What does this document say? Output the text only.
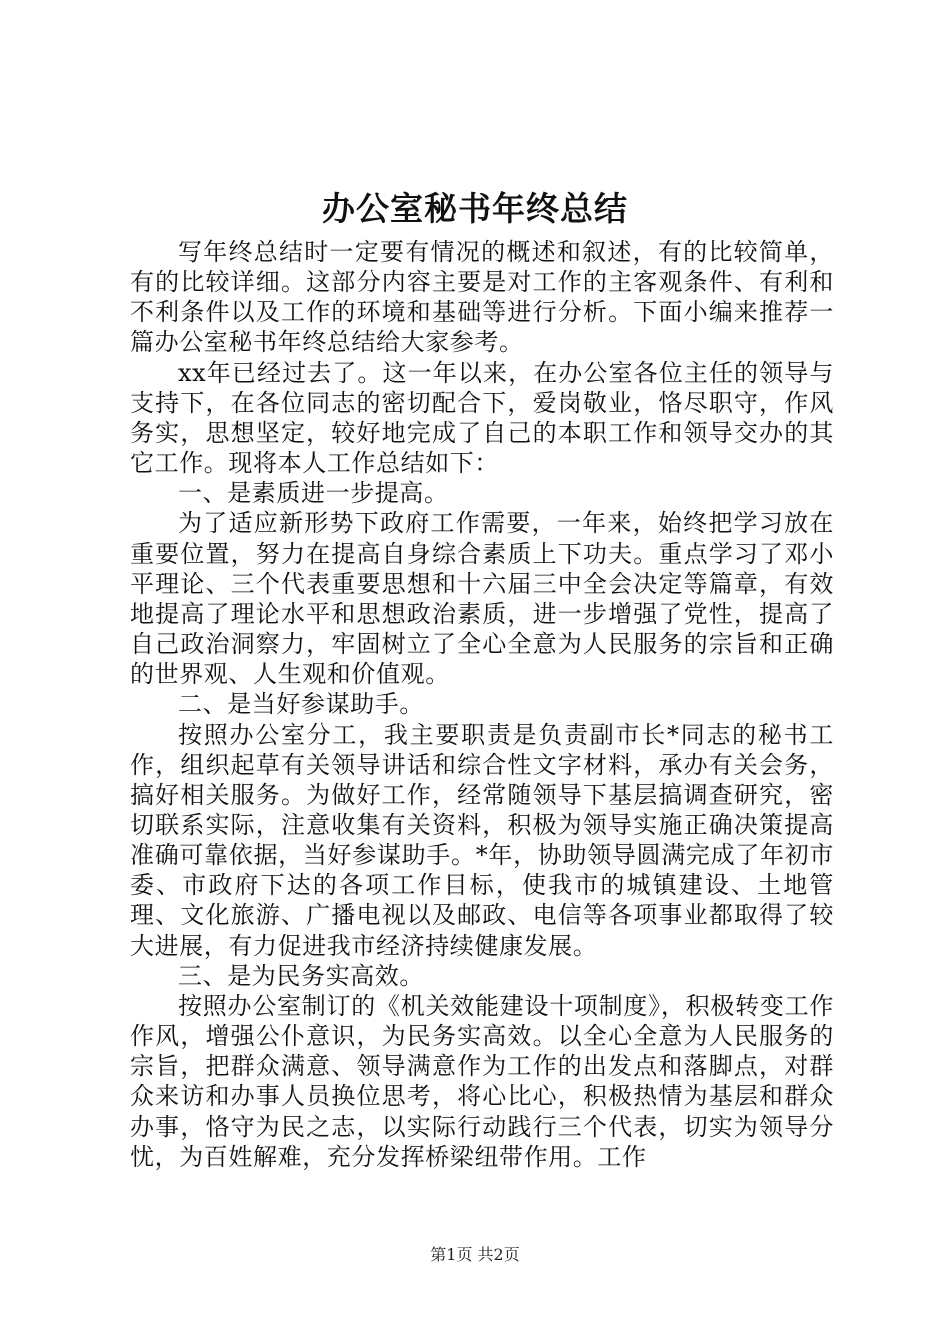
办公室秘书年终总结

写年终总结时一定要有情况的概述和叙述，有的比较简单，有的比较详细。这部分内容主要是对工作的主客观条件、有利和不利条件以及工作的环境和基础等进行分析。下面小编来推荐一篇办公室秘书年终总结给大家参考。

xx年已经过去了。这一年以来，在办公室各位主任的领导与支持下，在各位同志的密切配合下，爱岗敬业，恪尽职守，作风务实，思想坚定，较好地完成了自己的本职工作和领导交办的其它工作。现将本人工作总结如下：

一、是素质进一步提高。

为了适应新形势下政府工作需要，一年来，始终把学习放在重要位置，努力在提高自身综合素质上下功夫。重点学习了邓小平理论、三个代表重要思想和十六届三中全会决定等篇章，有效地提高了理论水平和思想政治素质，进一步增强了党性，提高了自己政治洞察力，牢固树立了全心全意为人民服务的宗旨和正确的世界观、人生观和价值观。

二、是当好参谋助手。

按照办公室分工，我主要职责是负责副市长*同志的秘书工作，组织起草有关领导讲话和综合性文字材料，承办有关会务，搞好相关服务。为做好工作，经常随领导下基层搞调查研究，密切联系实际，注意收集有关资料，积极为领导实施正确决策提高准确可靠依据，当好参谋助手。*年，协助领导圆满完成了年初市委、市政府下达的各项工作目标，使我市的城镇建设、土地管理、文化旅游、广播电视以及邮政、电信等各项事业都取得了较大进展，有力促进我市经济持续健康发展。

三、是为民务实高效。

按照办公室制订的《机关效能建设十项制度》，积极转变工作作风，增强公仆意识，为民务实高效。以全心全意为人民服务的宗旨，把群众满意、领导满意作为工作的出发点和落脚点，对群众来访和办事人员换位思考，将心比心，积极热情为基层和群众办事，恪守为民之志，以实际行动践行三个代表，切实为领导分忧，为百姓解难，充分发挥桥梁纽带作用。工作

第1页 共2页
